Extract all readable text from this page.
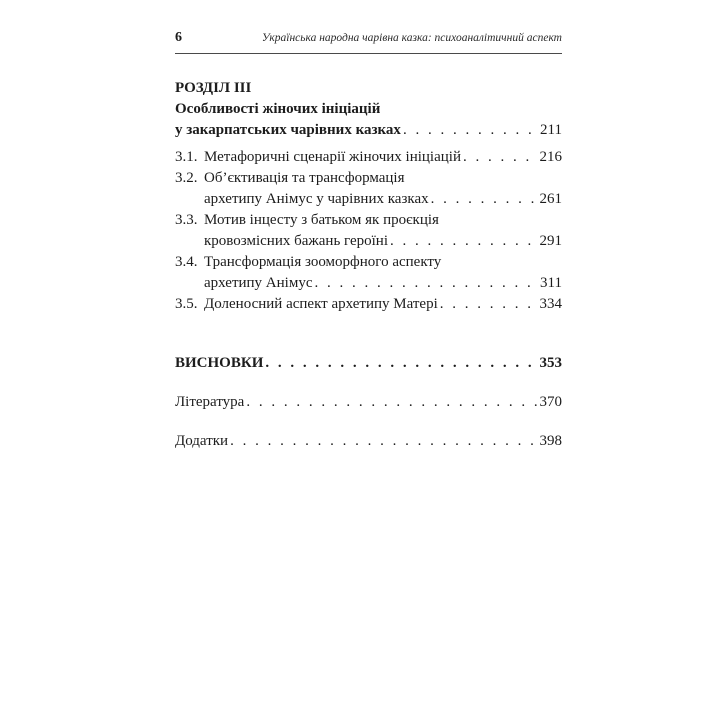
6	Українська народна чарівна казка: психоаналітичний аспект
РОЗДІЛ III
Особливості жіночих ініціацій
у закарпатських чарівних казках . . .	211
3.1. Метафоричні сценарії жіночих ініціацій . . .	216
3.2. Об’єктивація та трансформація
архетипу Анімус у чарівних казках . . .	261
3.3. Мотив інцесту з батьком як проєкція
кровозмісних бажань героїні . . .	291
3.4. Трансформація зооморфного аспекту
архетипу Анімус . . .	311
3.5. Доленосний аспект архетипу Матері . . .	334
ВИСНОВКИ . . .	353
Література . . .	370
Додатки . . .	398
